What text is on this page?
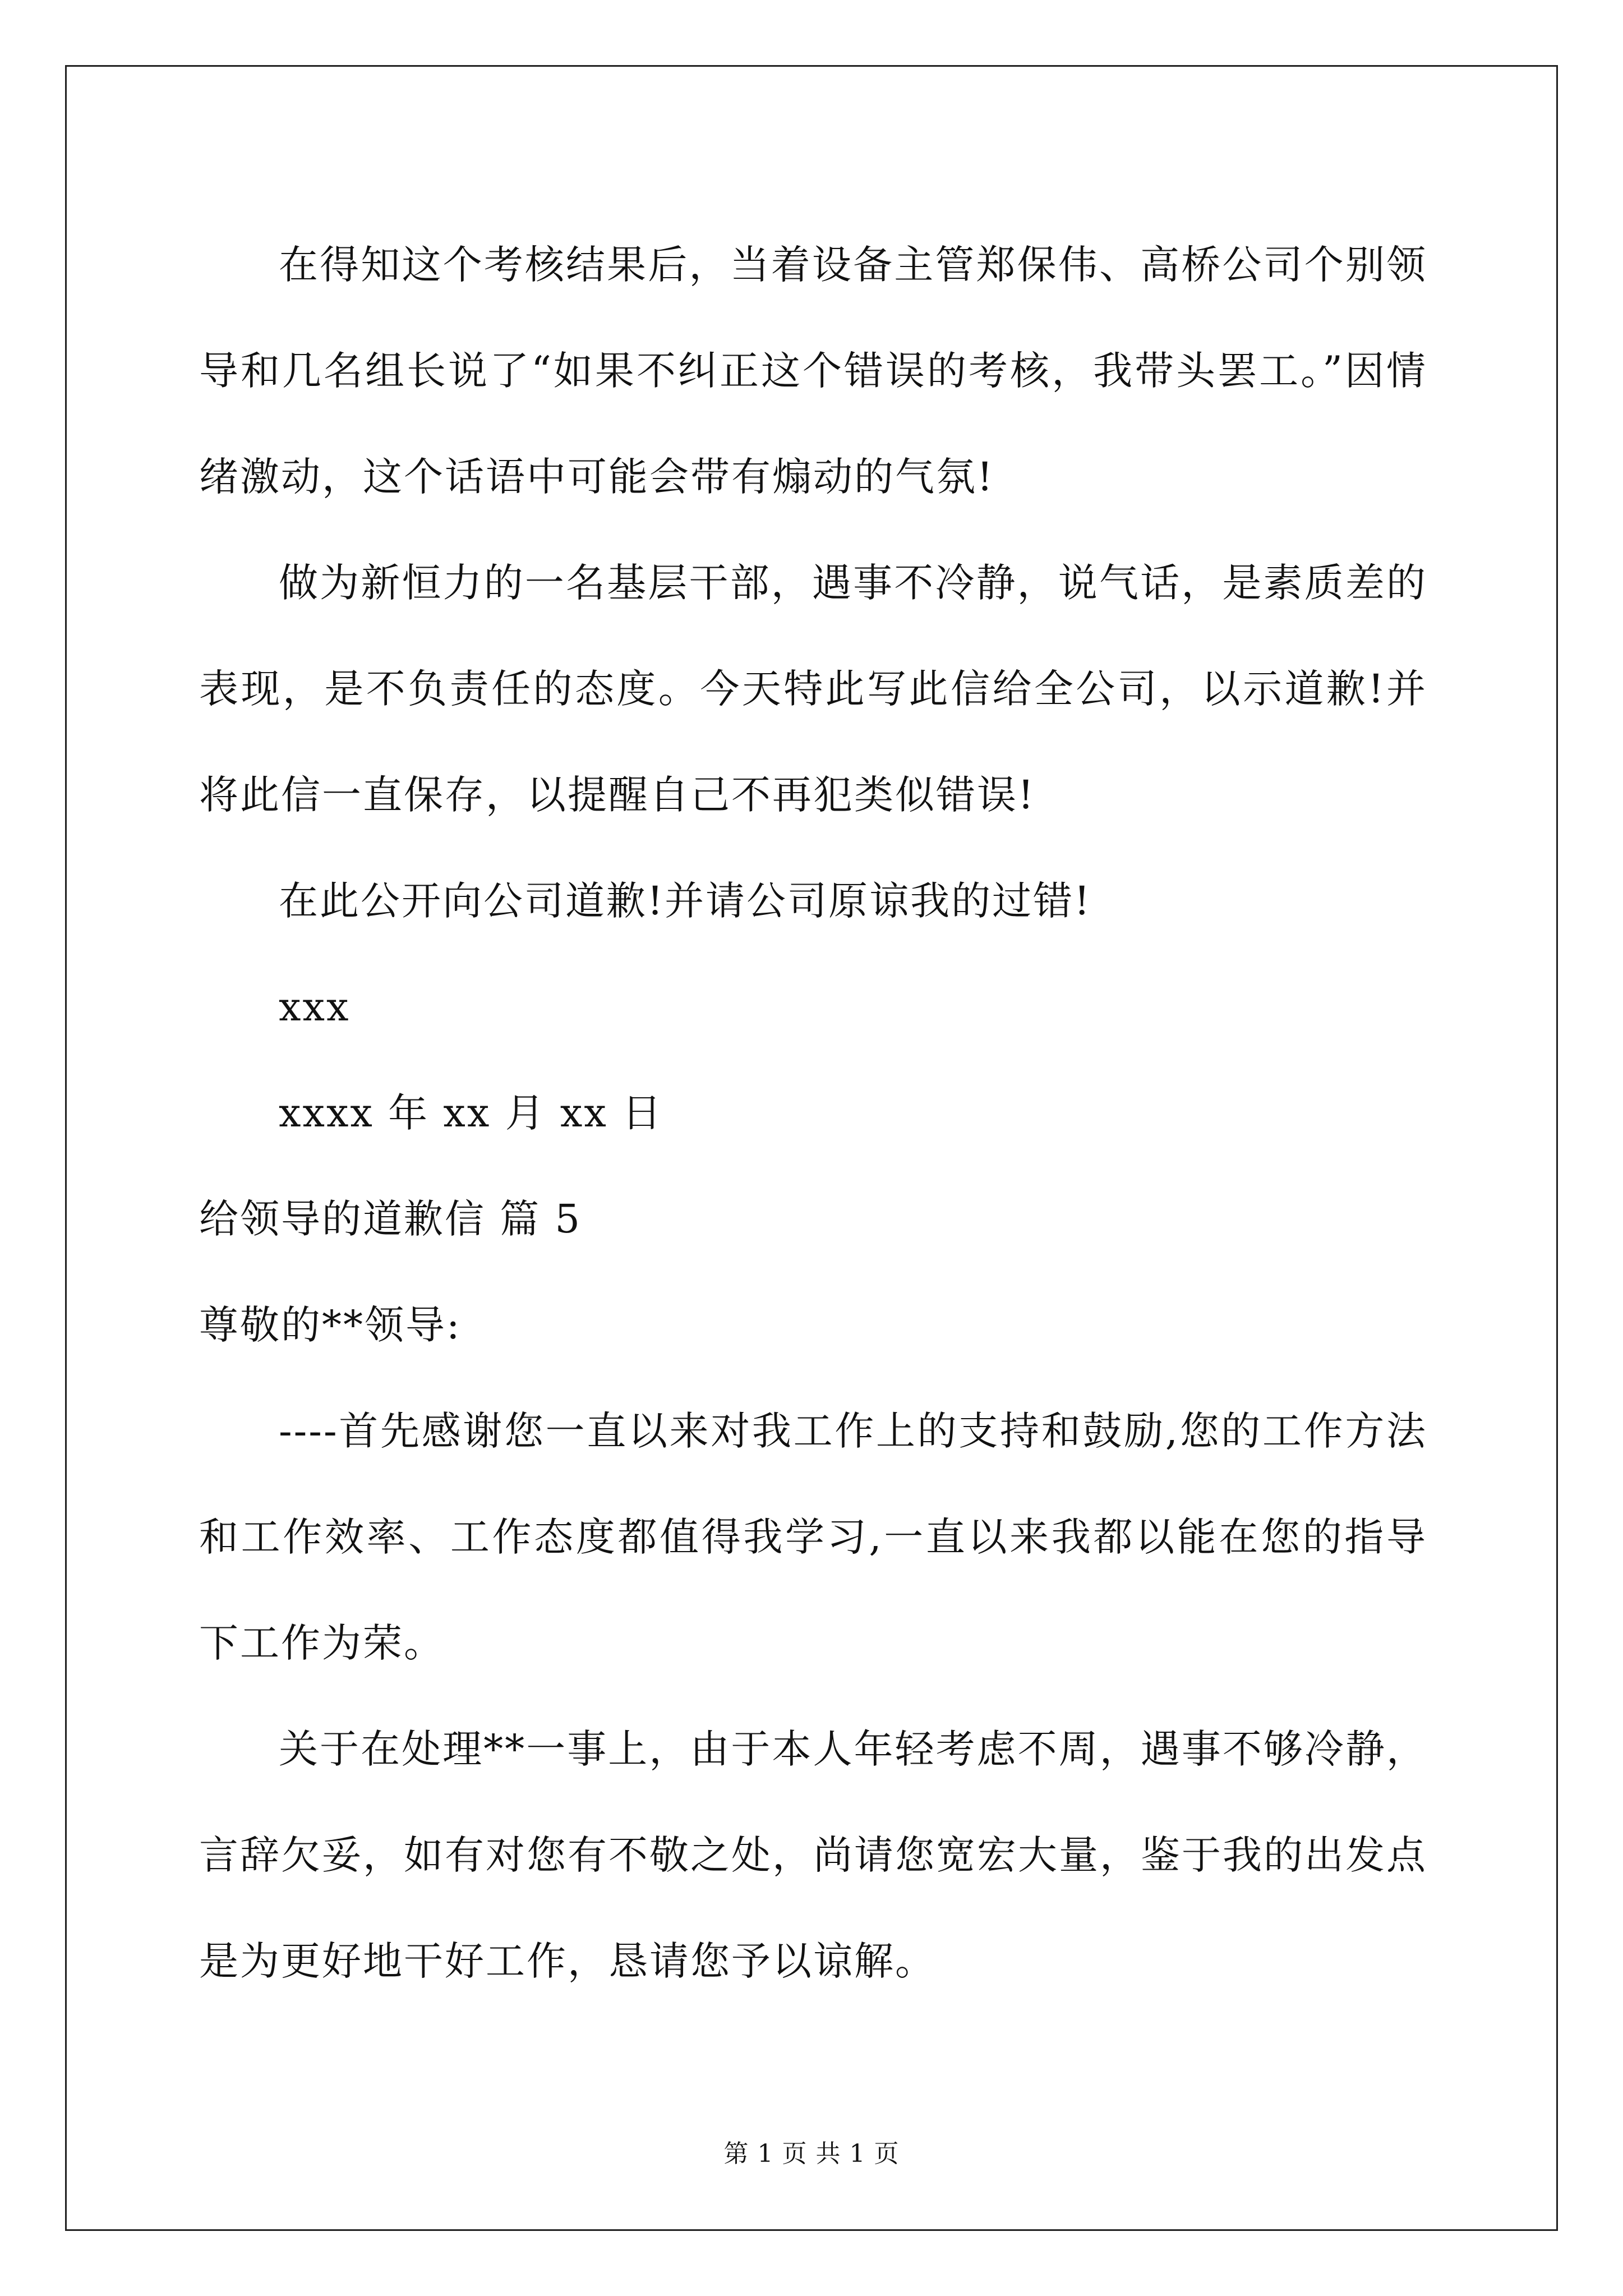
在得知这个考核结果后，当着设备主管郑保伟、高桥公司个别领导和几名组长说了“如果不纠正这个错误的考核，我带头罢工。”因情绪激动，这个话语中可能会带有煽动的气氛!

做为新恒力的一名基层干部，遇事不冷静，说气话，是素质差的表现，是不负责任的态度。今天特此写此信给全公司，以示道歉!并将此信一直保存，以提醒自己不再犯类似错误!

在此公开向公司道歉!并请公司原谅我的过错!

xxx

xxxx 年 xx 月 xx 日

给领导的道歉信 篇 5

尊敬的**领导:

----首先感谢您一直以来对我工作上的支持和鼓励,您的工作方法和工作效率、工作态度都值得我学习,一直以来我都以能在您的指导下工作为荣。

关于在处理**一事上，由于本人年轻考虑不周，遇事不够冷静，言辞欠妥，如有对您有不敬之处，尚请您宽宏大量，鉴于我的出发点是为更好地干好工作，恳请您予以谅解。

第 1 页 共 1 页
